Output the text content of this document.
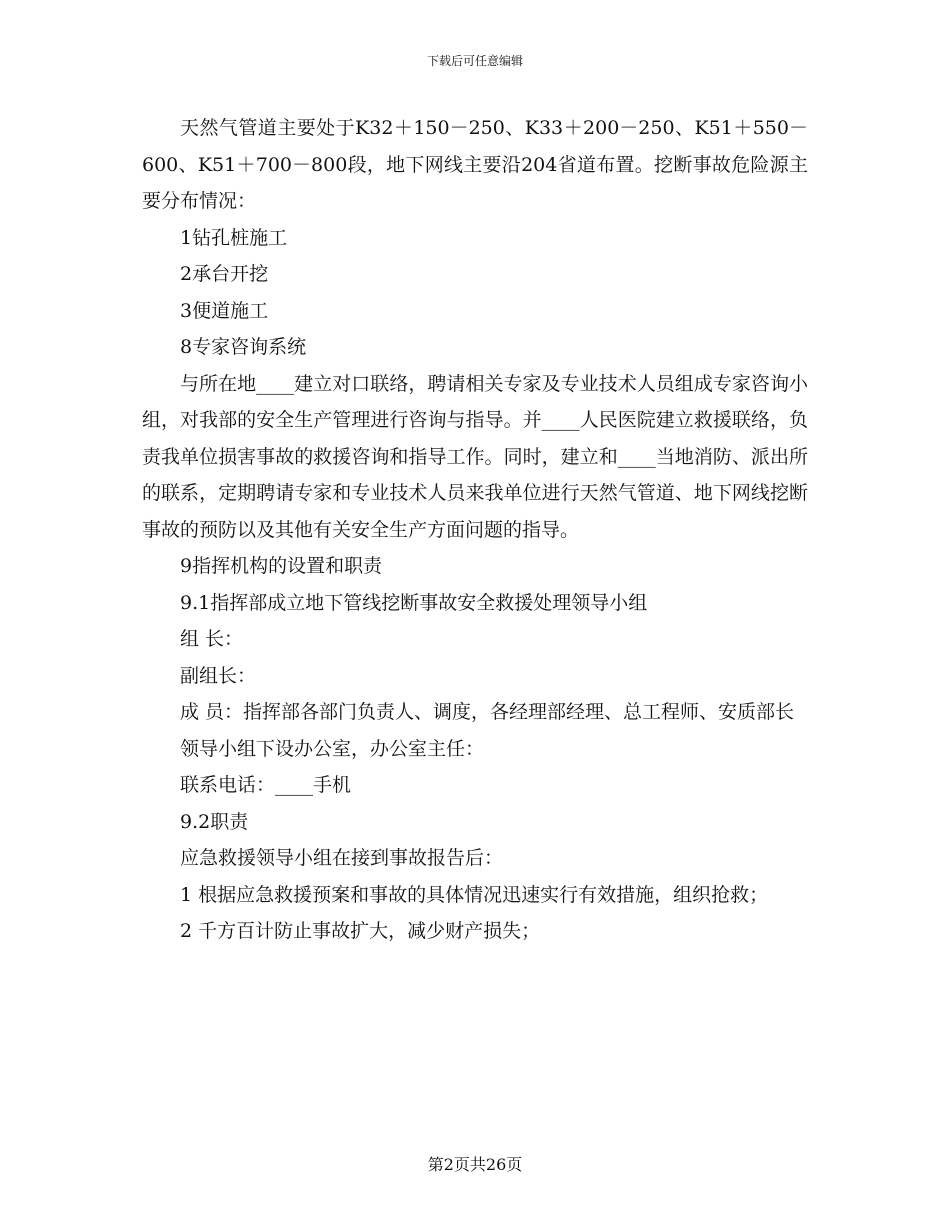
下载后可任意编辑

天然气管道主要处于K32＋150－250、K33＋200－250、K51＋550－600、K51＋700－800段，地下网线主要沿204省道布置。挖断事故危险源主要分布情况：

1钻孔桩施工

2承台开挖

3便道施工

8专家咨询系统

与所在地____建立对口联络，聘请相关专家及专业技术人员组成专家咨询小组，对我部的安全生产管理进行咨询与指导。并____人民医院建立救援联络，负责我单位损害事故的救援咨询和指导工作。同时，建立和____当地消防、派出所的联系，定期聘请专家和专业技术人员来我单位进行天然气管道、地下网线挖断事故的预防以及其他有关安全生产方面问题的指导。

9指挥机构的设置和职责

9.1指挥部成立地下管线挖断事故安全救援处理领导小组

组 长：

副组长：

成 员：指挥部各部门负责人、调度，各经理部经理、总工程师、安质部长

领导小组下设办公室，办公室主任：

联系电话：____手机

9.2职责

应急救援领导小组在接到事故报告后：

1 根据应急救援预案和事故的具体情况迅速实行有效措施，组织抢救；

2 千方百计防止事故扩大，减少财产损失；

第2页共26页
